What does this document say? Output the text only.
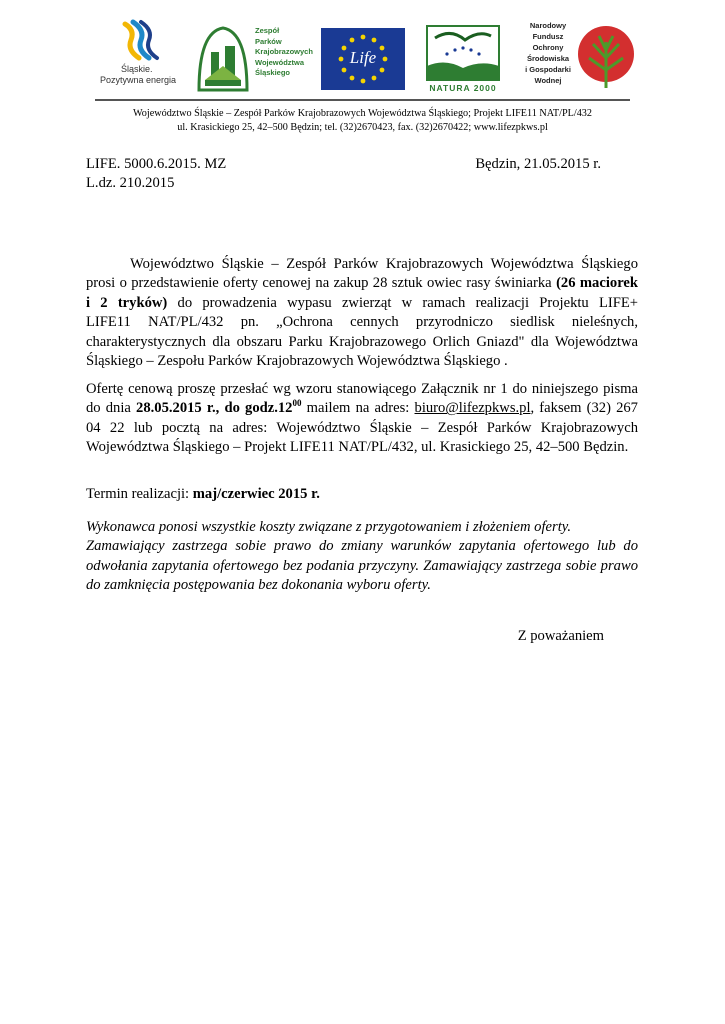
Śląskie.
Pozytywna energia
Zespół
Parków
Krajobrazowych
Województwa
Śląskiego
Life
NATURA 2000
Narodowy
Fundusz
Ochrony
Środowiska
i Gospodarki
Wodnej
Województwo Śląskie – Zespół Parków Krajobrazowych Województwa Śląskiego; Projekt LIFE11 NAT/PL/432
ul. Krasickiego 25, 42–500 Będzin; tel. (32)2670423, fax. (32)2670422; www.lifezpkws.pl
LIFE. 5000.6.2015. MZ
L.dz. 210.2015
Będzin, 21.05.2015 r.
Województwo Śląskie – Zespół Parków Krajobrazowych Województwa Śląskiego
prosi o przedstawienie oferty cenowej na zakup 28 sztuk owiec rasy świniarka (26 maciorek
i 2 tryków) do prowadzenia wypasu zwierząt w ramach realizacji Projektu LIFE+
LIFE11 NAT/PL/432 pn. „Ochrona cennych przyrodniczo siedlisk nieleśnych,
charakterystycznych dla obszaru Parku Krajobrazowego Orlich Gniazd" dla Województwa
Śląskiego – Zespołu Parków Krajobrazowych Województwa Śląskiego .
Ofertę cenową proszę przesłać wg wzoru stanowiącego Załącznik nr 1 do niniejszego pisma
do dnia 28.05.2015 r., do $godz.12^{00}$ mailem na adres: biuro@lifezpkws.pl, faksem (32) 267
04 22 lub pocztą na adres: Województwo Śląskie – Zespół Parków Krajobrazowych
Województwa Śląskiego – Projekt LIFE11 NAT/PL/432, ul. Krasickiego 25, 42–500 Będzin.
Termin realizacji: maj/czerwiec 2015 r.
Wykonawca ponosi wszystkie koszty związane z przygotowaniem i złożeniem oferty.
Zamawiający zastrzega sobie prawo do zmiany warunków zapytania ofertowego lub do
odwołania zapytania ofertowego bez podania przyczyny. Zamawiający zastrzega sobie prawo
do zamknięcia postępowania bez dokonania wyboru oferty.
Z poważaniem
